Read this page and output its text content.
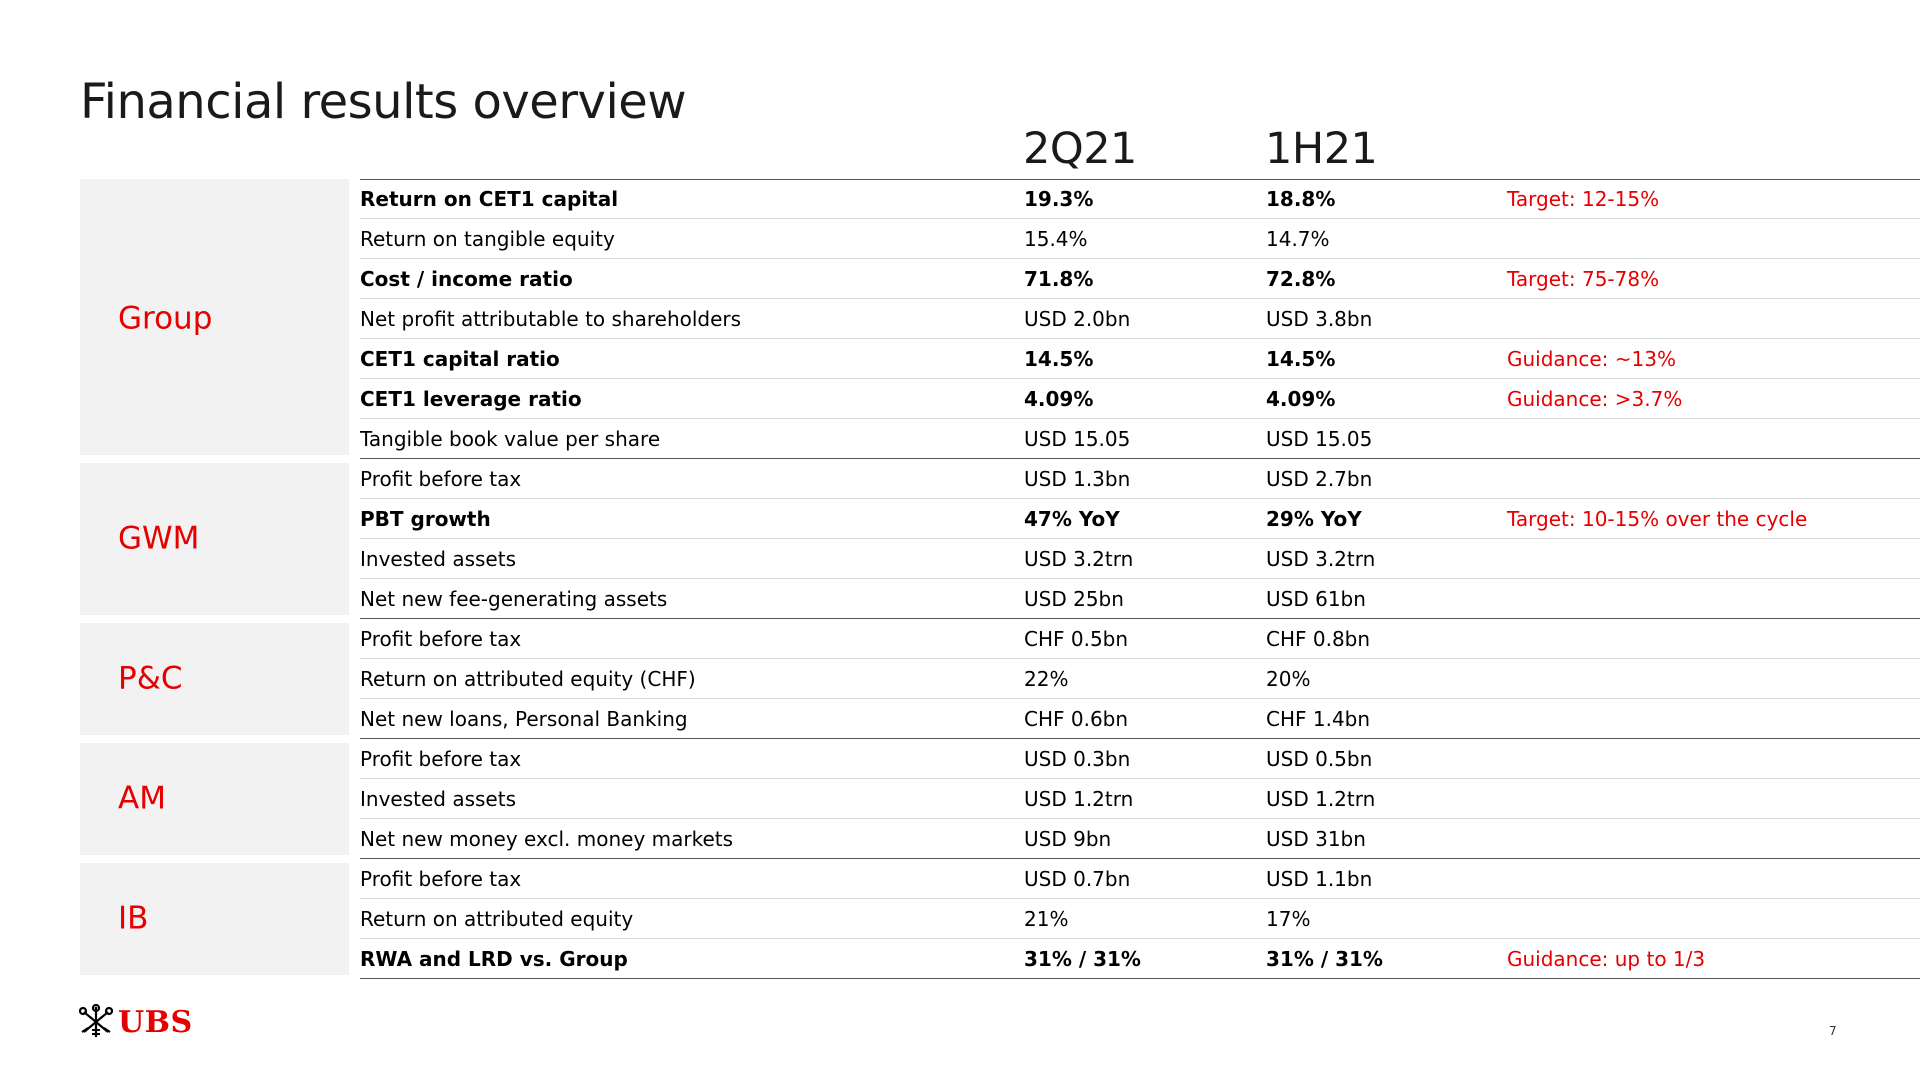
Financial results overview
2Q21	1H21
UBS	7
Group
Return on CET1 capital	19.3%	18.8%	Target: 12-15%
Return on tangible equity	15.4%	14.7%
Cost / income ratio	71.8%	72.8%	Target: 75-78%
Net profit attributable to shareholders	USD 2.0bn	USD 3.8bn
CET1 capital ratio	14.5%	14.5%	Guidance: ~13%
CET1 leverage ratio	4.09%	4.09%	Guidance: >3.7%
Tangible book value per share	USD 15.05	USD 15.05
GWM
Profit before tax	USD 1.3bn	USD 2.7bn
PBT growth	47% YoY	29% YoY	Target: 10-15% over the cycle
Invested assets	USD 3.2trn	USD 3.2trn
Net new fee-generating assets	USD 25bn	USD 61bn
P&C
Profit before tax	CHF 0.5bn	CHF 0.8bn
Return on attributed equity (CHF)	22%	20%
Net new loans, Personal Banking	CHF 0.6bn	CHF 1.4bn
AM
Profit before tax	USD 0.3bn	USD 0.5bn
Invested assets	USD 1.2trn	USD 1.2trn
Net new money excl. money markets	USD 9bn	USD 31bn
IB
Profit before tax	USD 0.7bn	USD 1.1bn
Return on attributed equity	21%	17%
RWA and LRD vs. Group	31% / 31%	31% / 31%	Guidance: up to 1/3
